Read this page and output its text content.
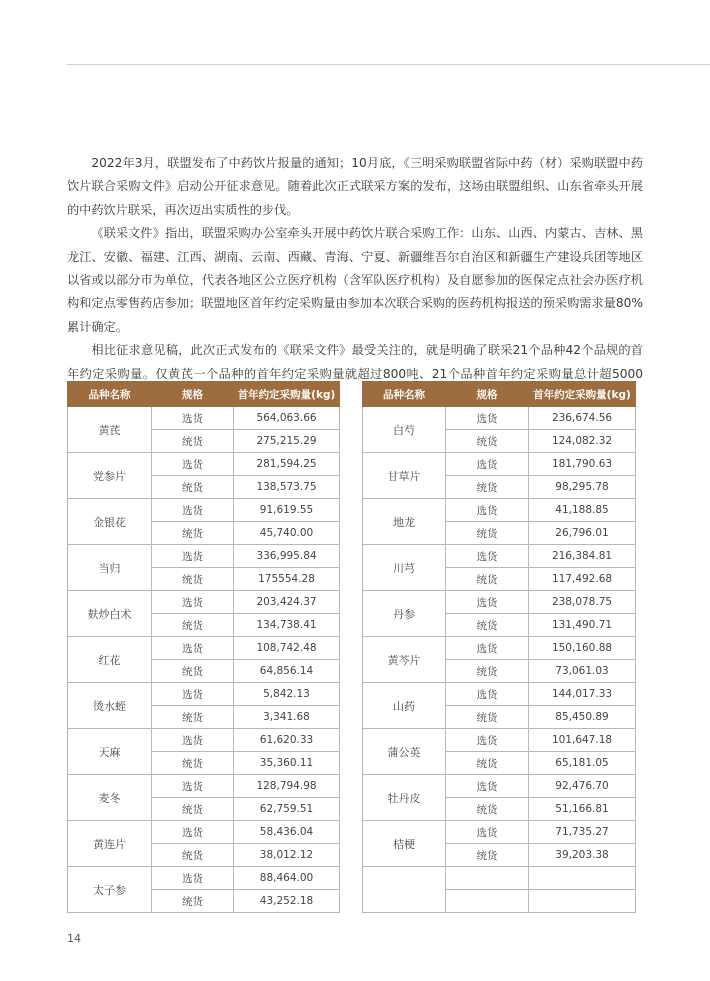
2022年3月，联盟发布了中药饮片报量的通知；10月底，《三明采购联盟省际中药（材）采购联盟中药饮片联合采购文件》启动公开征求意见。随着此次正式联采方案的发布，这场由联盟组织、山东省牵头开展的中药饮片联采，再次迈出实质性的步伐。

《联采文件》指出，联盟采购办公室牵头开展中药饮片联合采购工作：山东、山西、内蒙古、吉林、黑龙江、安徽、福建、江西、湖南、云南、西藏、青海、宁夏、新疆维吾尔自治区和新疆生产建设兵团等地区以省或以部分市为单位，代表各地区公立医疗机构（含军队医疗机构）及自愿参加的医保定点社会办医疗机构和定点零售药店参加；联盟地区首年约定采购量由参加本次联合采购的医药机构报送的预采购需求量80%累计确定。

相比征求意见稿，此次正式发布的《联采文件》最受关注的，就是明确了联采21个品种42个品规的首年约定采购量。仅黄芪一个品种的首年约定采购量就超过800吨、21个品种首年约定采购量总计超5000

品种名称	规格	首年约定采购量(kg)
黄芪	选货	564,063.66
	统货	275,215.29
党参片	选货	281,594.25
	统货	138,573.75
金银花	选货	91,619.55
	统货	45,740.00
当归	选货	336,995.84
	统货	175554.28
麸炒白术	选货	203,424.37
	统货	134,738.41
红花	选货	108,742.48
	统货	64,856.14
烫水蛭	选货	5,842.13
	统货	3,341.68
天麻	选货	61,620.33
	统货	35,360.11
麦冬	选货	128,794.98
	统货	62,759.51
黄连片	选货	58,436.04
	统货	38,012.12
太子参	选货	88,464.00
	统货	43,252.18
品种名称	规格	首年约定采购量(kg)
白芍	选货	236,674.56
	统货	124,082.32
甘草片	选货	181,790.63
	统货	98,295.78
地龙	选货	41,188.85
	统货	26,796.01
川芎	选货	216,384.81
	统货	117,492.68
丹参	选货	238,078.75
	统货	131,490.71
黄芩片	选货	150,160.88
	统货	73,061.03
山药	选货	144,017.33
	统货	85,450.89
蒲公英	选货	101,647.18
	统货	65,181.05
牡丹皮	选货	92,476.70
	统货	51,166.81
桔梗	选货	71,735.27
	统货	39,203.38

14
